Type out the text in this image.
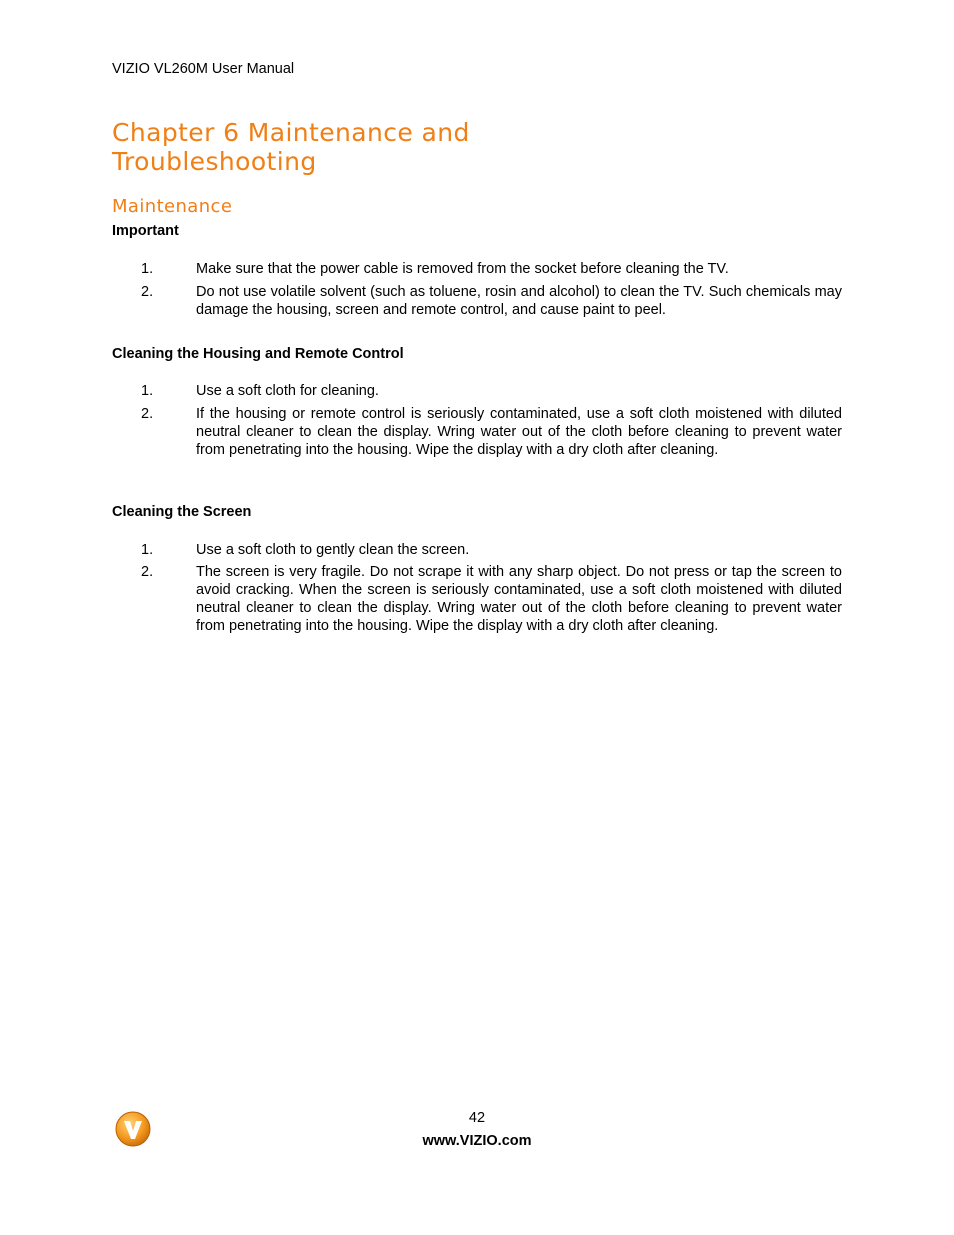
VIZIO VL260M User Manual
Chapter 6 Maintenance and
Troubleshooting
Maintenance
Important
1.	Make sure that the power cable is removed from the socket before cleaning the TV.
2.	Do not use volatile solvent (such as toluene, rosin and alcohol) to clean the TV. Such chemicals may damage the housing, screen and remote control, and cause paint to peel.
Cleaning the Housing and Remote Control
1.	Use a soft cloth for cleaning.
2.	If the housing or remote control is seriously contaminated, use a soft cloth moistened with diluted neutral cleaner to clean the display. Wring water out of the cloth before cleaning to prevent water from penetrating into the housing. Wipe the display with a dry cloth after cleaning.
Cleaning the Screen
1.	Use a soft cloth to gently clean the screen.
2.	The screen is very fragile. Do not scrape it with any sharp object. Do not press or tap the screen to avoid cracking. When the screen is seriously contaminated, use a soft cloth moistened with diluted neutral cleaner to clean the display. Wring water out of the cloth before cleaning to prevent water from penetrating into the housing. Wipe the display with a dry cloth after cleaning.
42
www.VIZIO.com
